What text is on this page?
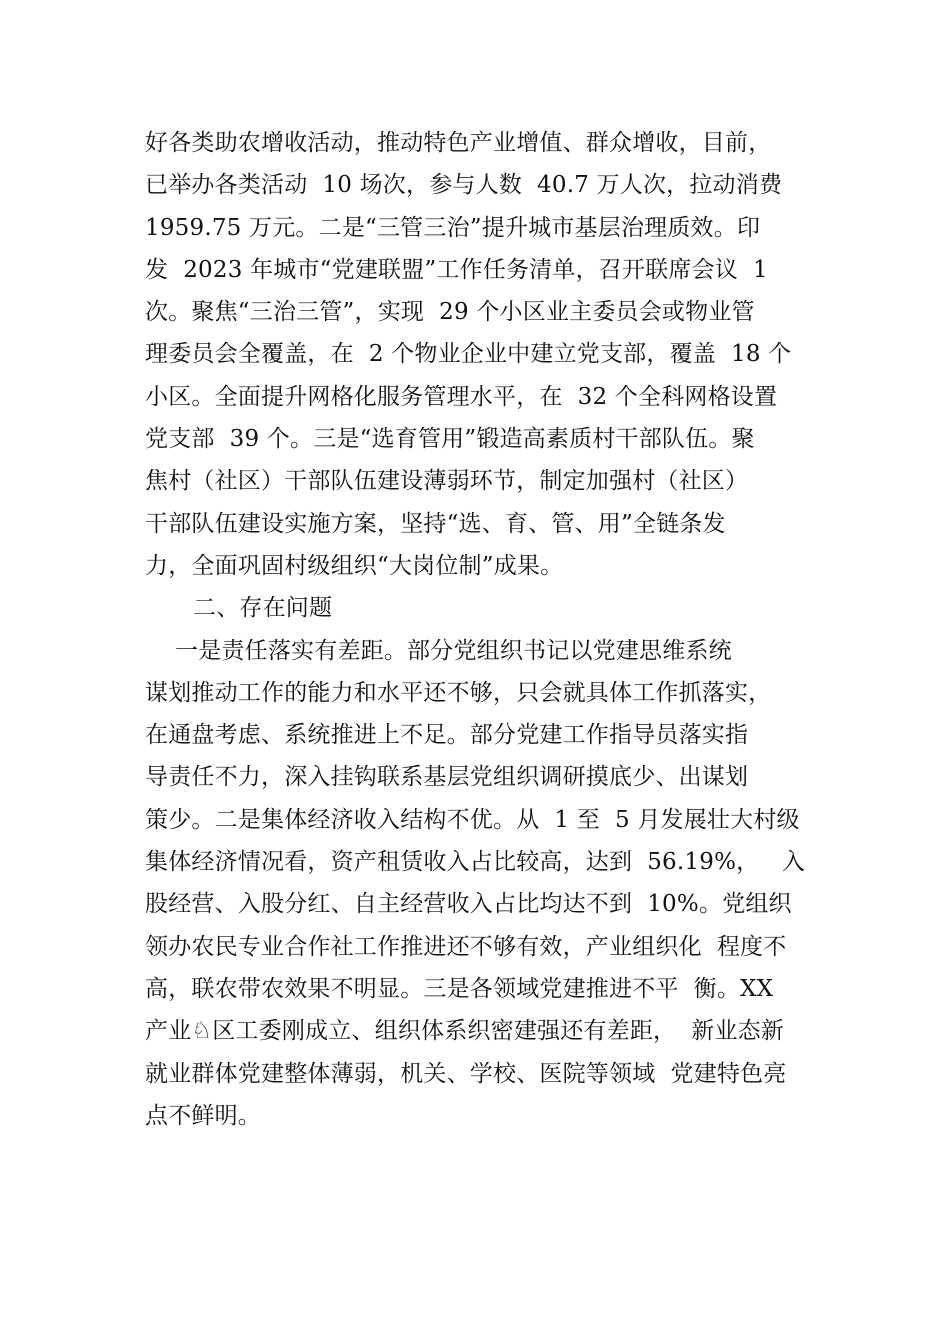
好各类助农增收活动，推动特色产业增值、群众增收，目前，
已举办各类活动  10 场次，参与人数  40.7 万人次，拉动消费
1959.75 万元。二是“三管三治”提升城市基层治理质效。印
发  2023 年城市“党建联盟”工作任务清单，召开联席会议  1
次。聚焦“三治三管”，实现  29 个小区业主委员会或物业管
理委员会全覆盖，在  2 个物业企业中建立党支部，覆盖  18 个
小区。全面提升网格化服务管理水平，在  32 个全科网格设置
党支部  39 个。三是“选育管用”锻造高素质村干部队伍。聚
焦村（社区）干部队伍建设薄弱环节，制定加强村（社区）
干部队伍建设实施方案，坚持“选、育、管、用”全链条发
力，全面巩固村级组织“大岗位制”成果。
二、存在问题
一是责任落实有差距。部分党组织书记以党建思维系统
谋划推动工作的能力和水平还不够，只会就具体工作抓落实，
在通盘考虑、系统推进上不足。部分党建工作指导员落实指
导责任不力，深入挂钩联系基层党组织调研摸底少、出谋划
策少。二是集体经济收入结构不优。从  1 至  5 月发展壮大村级
集体经济情况看，资产租赁收入占比较高，达到  56.19%，   入
股经营、入股分红、自主经营收入占比均达不到  10%。党组织
领办农民专业合作社工作推进还不够有效，产业组织化  程度不
高，联农带农效果不明显。三是各领域党建推进不平  衡。XX
产业♘区工委刚成立、组织体系织密建强还有差距，  新业态新
就业群体党建整体薄弱，机关、学校、医院等领域  党建特色亮
点不鲜明。
